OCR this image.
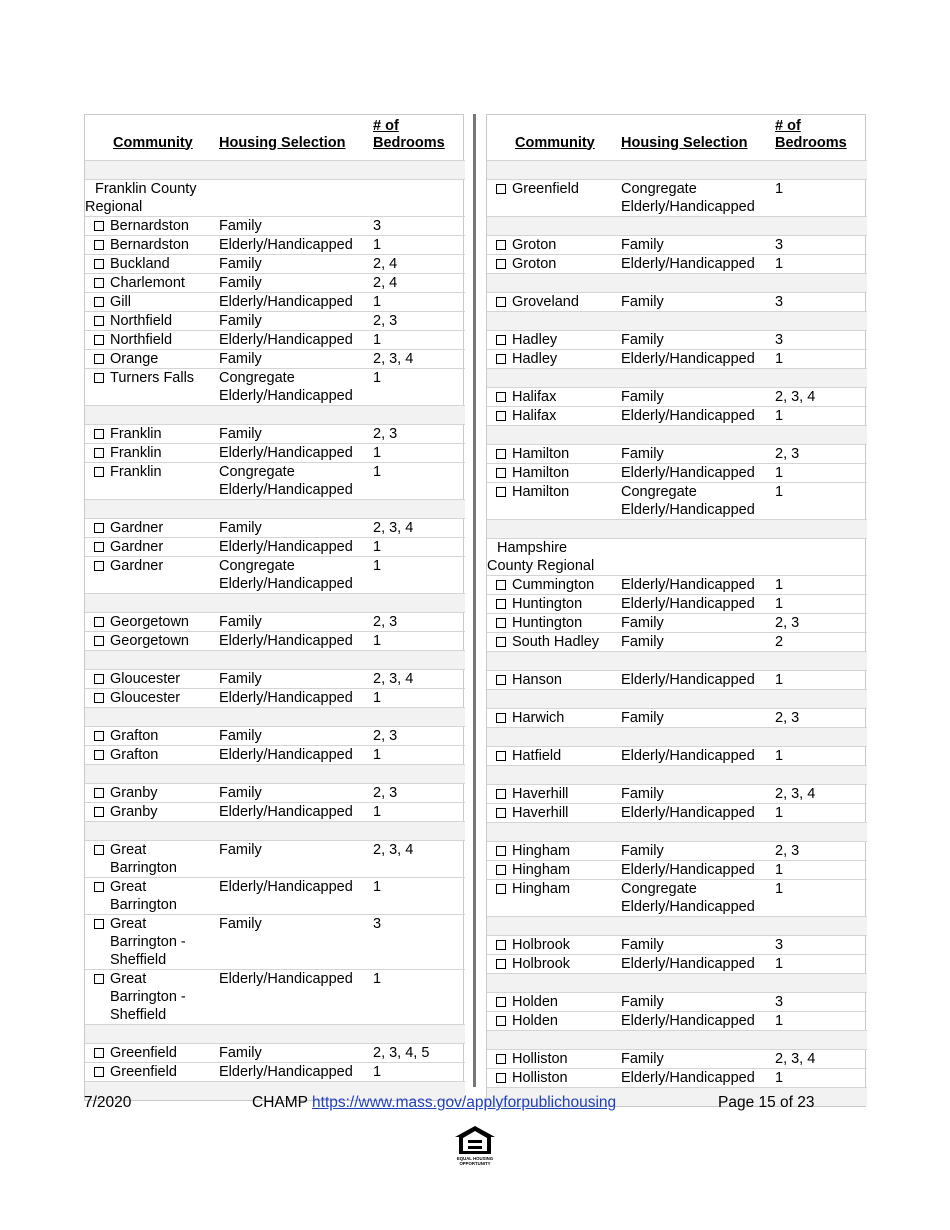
Community	Housing Selection	# of Bedrooms

Franklin County Regional		

Bernardston	Family	3

Bernardston	Elderly/Handicapped	1

Buckland	Family	2, 4

Charlemont	Family	2, 4

Gill	Elderly/Handicapped	1

Northfield	Family	2, 3

Northfield	Elderly/Handicapped	1

Orange	Family	2, 3, 4

Turners Falls	Congregate Elderly/Handicapped	1

Franklin	Family	2, 3

Franklin	Elderly/Handicapped	1

Franklin	Congregate Elderly/Handicapped	1

Gardner	Family	2, 3, 4

Gardner	Elderly/Handicapped	1

Gardner	Congregate Elderly/Handicapped	1

Georgetown	Family	2, 3

Georgetown	Elderly/Handicapped	1

Gloucester	Family	2, 3, 4

Gloucester	Elderly/Handicapped	1

Grafton	Family	2, 3

Grafton	Elderly/Handicapped	1

Granby	Family	2, 3

Granby	Elderly/Handicapped	1

Great Barrington	Family	2, 3, 4

Great Barrington	Elderly/Handicapped	1

Great Barrington - Sheffield	Family	3

Great Barrington - Sheffield	Elderly/Handicapped	1

Greenfield	Family	2, 3, 4, 5

Greenfield	Elderly/Handicapped	1

Community	Housing Selection	# of Bedrooms

Greenfield	Congregate Elderly/Handicapped	1

Groton	Family	3

Groton	Elderly/Handicapped	1

Groveland	Family	3

Hadley	Family	3

Hadley	Elderly/Handicapped	1

Halifax	Family	2, 3, 4

Halifax	Elderly/Handicapped	1

Hamilton	Family	2, 3

Hamilton	Elderly/Handicapped	1

Hamilton	Congregate Elderly/Handicapped	1

Hampshire County Regional		

Cummington	Elderly/Handicapped	1

Huntington	Elderly/Handicapped	1

Huntington	Family	2, 3

South Hadley	Family	2

Hanson	Elderly/Handicapped	1

Harwich	Family	2, 3

Hatfield	Elderly/Handicapped	1

Haverhill	Family	2, 3, 4

Haverhill	Elderly/Handicapped	1

Hingham	Family	2, 3

Hingham	Elderly/Handicapped	1

Hingham	Congregate Elderly/Handicapped	1

Holbrook	Family	3

Holbrook	Elderly/Handicapped	1

Holden	Family	3

Holden	Elderly/Handicapped	1

Holliston	Family	2, 3, 4

Holliston	Elderly/Handicapped	1

7/2020	CHAMP https://www.mass.gov/applyforpublichousing	Page 15 of 23
EQUAL HOUSING
OPPORTUNITY
